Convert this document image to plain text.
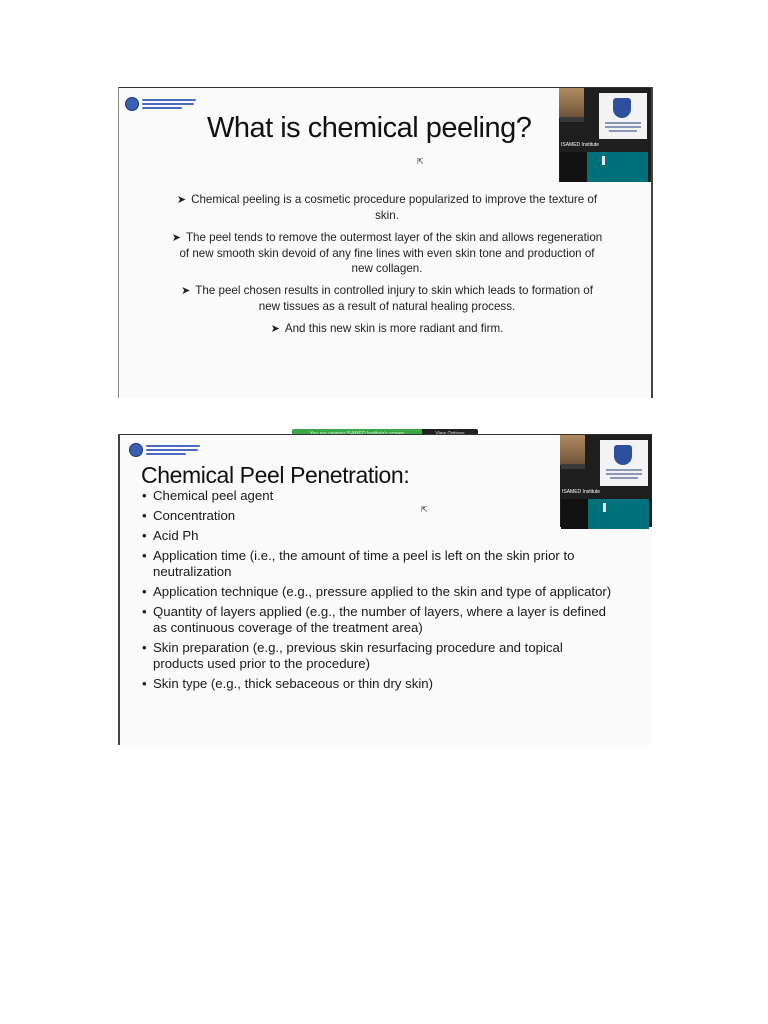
What is chemical peeling?
➤ Chemical peeling is a cosmetic procedure popularized to improve the texture of skin.
➤ The peel tends to remove the outermost layer of the skin and allows regeneration of new smooth skin devoid of any fine lines with even skin tone and production of new collagen.
➤ The peel chosen results in controlled injury to skin which leads to formation of new tissues as a result of natural healing process.
➤ And this new skin is more radiant and firm.
⇱
ISAMED Institute
Chemical Peel Penetration:
• Chemical peel agent
• Concentration
• Acid Ph
• Application time (i.e., the amount of time a peel is left on the skin prior to neutralization
• Application technique (e.g., pressure applied to the skin and type of applicator)
• Quantity of layers applied (e.g., the number of layers, where a layer is defined as continuous coverage of the treatment area)
• Skin preparation (e.g., previous skin resurfacing procedure and topical products used prior to the procedure)
• Skin type (e.g., thick sebaceous or thin dry skin)
⇱
ISAMED Institute
